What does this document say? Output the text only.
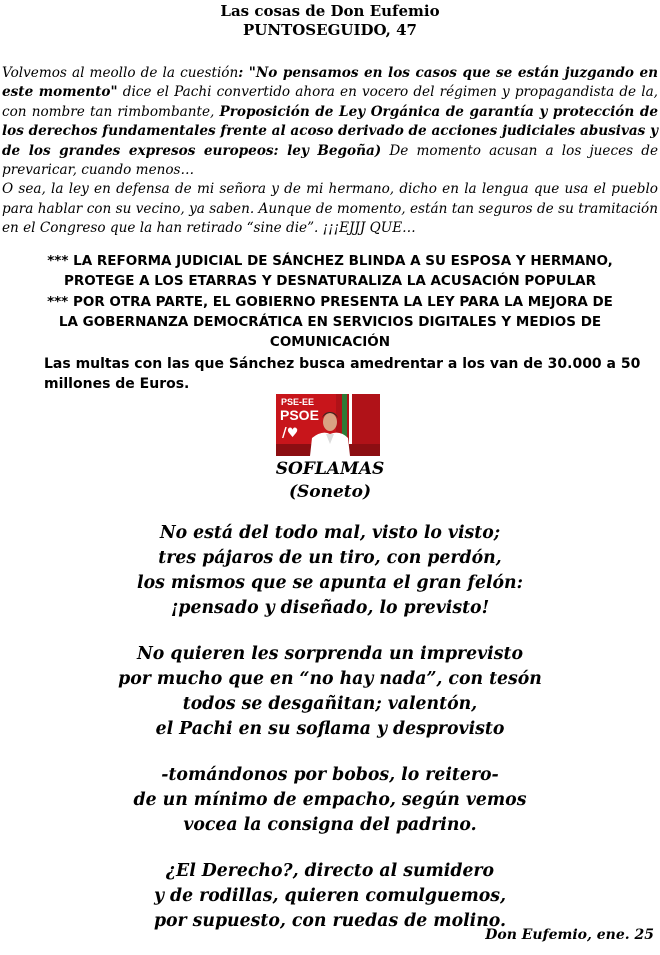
Las cosas de Don Eufemio
PUNTOSEGUIDO, 47

Volvemos al meollo de la cuestión: "No pensamos en los casos que se están juzgando en este momento" dice el Pachi convertido ahora en vocero del régimen y propagandista de la, con nombre tan rimbombante, Proposición de Ley Orgánica de garantía y protección de los derechos fundamentales frente al acoso derivado de acciones judiciales abusivas y de los grandes expresos europeos: ley Begoña) De momento acusan a los jueces de prevaricar, cuando menos…

O sea, la ley en defensa de mi señora y de mi hermano, dicho en la lengua que usa el pueblo para hablar con su vecino, ya saben. Aunque de momento, están tan seguros de su tramitación en el Congreso que la han retirado “sine die”. ¡¡¡EJJJ QUE…

*** LA REFORMA JUDICIAL DE SÁNCHEZ BLINDA A SU ESPOSA Y HERMANO,
PROTEGE A LOS ETARRAS Y DESNATURALIZA LA ACUSACIÓN POPULAR
*** POR OTRA PARTE, EL GOBIERNO PRESENTA LA LEY PARA LA MEJORA DE
LA GOBERNANZA DEMOCRÁTICA EN SERVICIOS DIGITALES Y MEDIOS DE
COMUNICACIÓN
Las multas con las que Sánchez busca amedrentar a los van de 30.000 a 50 millones de Euros.
PSE-EE
PSOE
/♥
SOFLAMAS
(Soneto)
No está del todo mal, visto lo visto;
tres pájaros de un tiro, con perdón,
los mismos que se apunta el gran felón:
¡pensado y diseñado, lo previsto!
No quieren les sorprenda un imprevisto
por mucho que en “no hay nada”, con tesón
todos se desgañitan; valentón,
el Pachi en su soflama y desprovisto
-tomándonos por bobos, lo reitero-
de un mínimo de empacho, según vemos
vocea la consigna del padrino.
¿El Derecho?, directo al sumidero
y de rodillas, quieren comulguemos,
por supuesto, con ruedas de molino.
Don Eufemio, ene. 25
